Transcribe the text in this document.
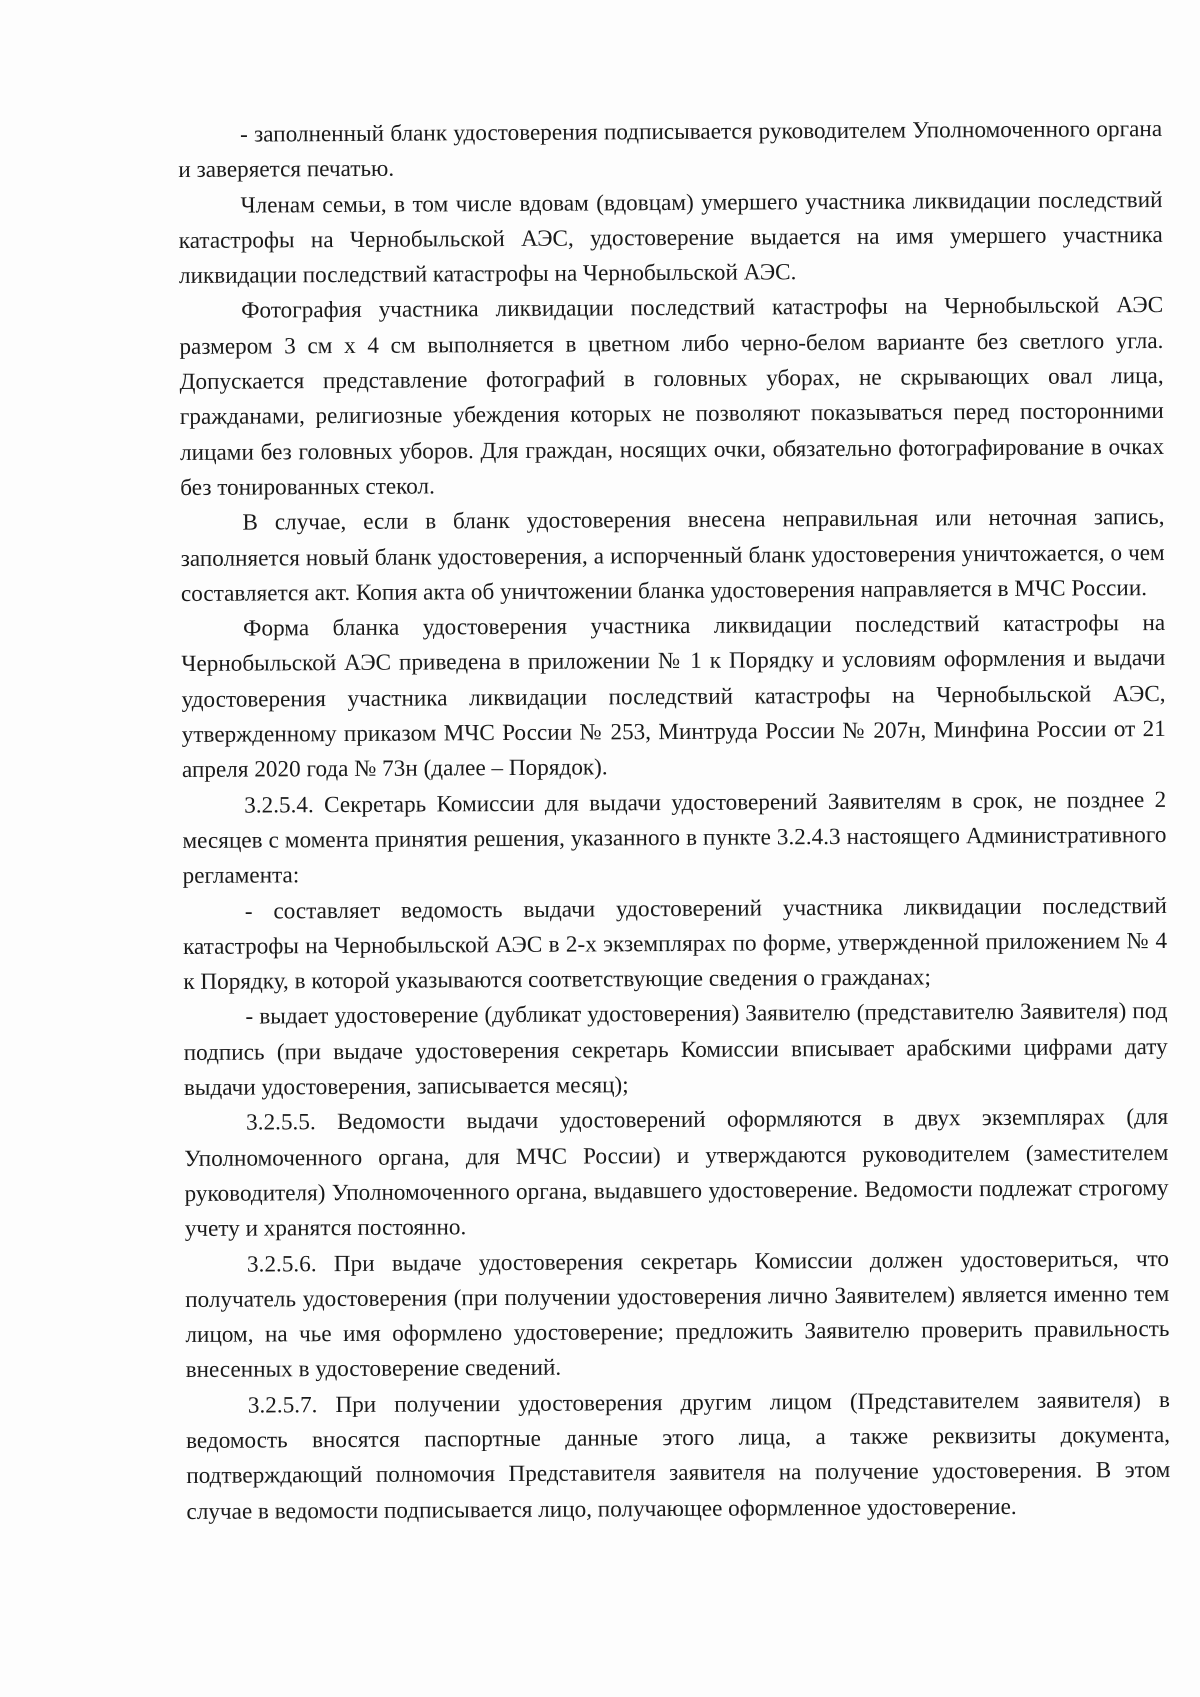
- заполненный бланк удостоверения подписывается руководителем Уполномоченного органа и заверяется печатью.

Членам семьи, в том числе вдовам (вдовцам) умершего участника ликвидации последствий катастрофы на Чернобыльской АЭС, удостоверение выдается на имя умершего участника ликвидации последствий катастрофы на Чернобыльской АЭС.

Фотография участника ликвидации последствий катастрофы на Чернобыльской АЭС размером 3 см х 4 см выполняется в цветном либо черно-белом варианте без светлого угла. Допускается представление фотографий в головных уборах, не скрывающих овал лица, гражданами, религиозные убеждения которых не позволяют показываться перед посторонними лицами без головных уборов. Для граждан, носящих очки, обязательно фотографирование в очках без тонированных стекол.

В случае, если в бланк удостоверения внесена неправильная или неточная запись, заполняется новый бланк удостоверения, а испорченный бланк удостоверения уничтожается, о чем составляется акт. Копия акта об уничтожении бланка удостоверения направляется в МЧС России.

Форма бланка удостоверения участника ликвидации последствий катастрофы на Чернобыльской АЭС приведена в приложении № 1 к Порядку и условиям оформления и выдачи удостоверения участника ликвидации последствий катастрофы на Чернобыльской АЭС, утвержденному приказом МЧС России № 253, Минтруда России № 207н, Минфина России от 21 апреля 2020 года № 73н (далее – Порядок).

3.2.5.4. Секретарь Комиссии для выдачи удостоверений Заявителям в срок, не позднее 2 месяцев с момента принятия решения, указанного в пункте 3.2.4.3 настоящего Административного регламента:

- составляет ведомость выдачи удостоверений участника ликвидации последствий катастрофы на Чернобыльской АЭС в 2-х экземплярах по форме, утвержденной приложением № 4 к Порядку, в которой указываются соответствующие сведения о гражданах;

- выдает удостоверение (дубликат удостоверения) Заявителю (представителю Заявителя) под подпись (при выдаче удостоверения секретарь Комиссии вписывает арабскими цифрами дату выдачи удостоверения, записывается месяц);

3.2.5.5. Ведомости выдачи удостоверений оформляются в двух экземплярах (для Уполномоченного органа, для МЧС России) и утверждаются руководителем (заместителем руководителя) Уполномоченного органа, выдавшего удостоверение. Ведомости подлежат строгому учету и хранятся постоянно.

3.2.5.6. При выдаче удостоверения секретарь Комиссии должен удостовериться, что получатель удостоверения (при получении удостоверения лично Заявителем) является именно тем лицом, на чье имя оформлено удостоверение; предложить Заявителю проверить правильность внесенных в удостоверение сведений.

3.2.5.7. При получении удостоверения другим лицом (Представителем заявителя) в ведомость вносятся паспортные данные этого лица, а также реквизиты документа, подтверждающий полномочия Представителя заявителя на получение удостоверения. В этом случае в ведомости подписывается лицо, получающее оформленное удостоверение.
